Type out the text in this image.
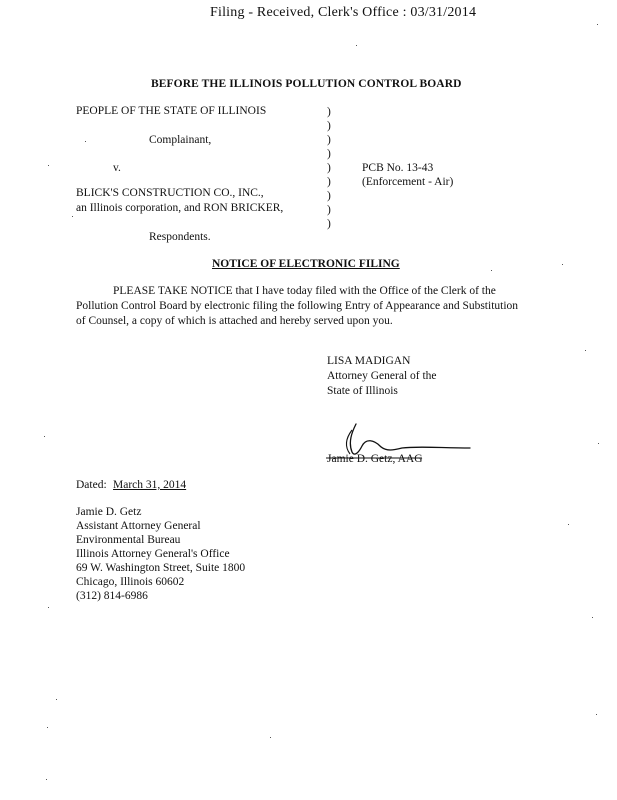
Filing - Received, Clerk's Office : 03/31/2014
BEFORE THE ILLINOIS POLLUTION CONTROL BOARD
PEOPLE OF THE STATE OF ILLINOIS
Complainant,
v.
BLICK'S CONSTRUCTION CO., INC.,
an Illinois corporation, and RON BRICKER,
Respondents.
)
)
)
)
)
)
)
)
)
PCB No. 13-43
(Enforcement - Air)
NOTICE OF ELECTRONIC FILING
PLEASE TAKE NOTICE that I have today filed with the Office of the Clerk of the
Pollution Control Board by electronic filing the following Entry of Appearance and Substitution
of Counsel, a copy of which is attached and hereby served upon you.
LISA MADIGAN
Attorney General of the
State of Illinois
Jamie D. Getz, AAG
Dated: March 31, 2014
Jamie D. Getz
Assistant Attorney General
Environmental Bureau
Illinois Attorney General's Office
69 W. Washington Street, Suite 1800
Chicago, Illinois 60602
(312) 814-6986
